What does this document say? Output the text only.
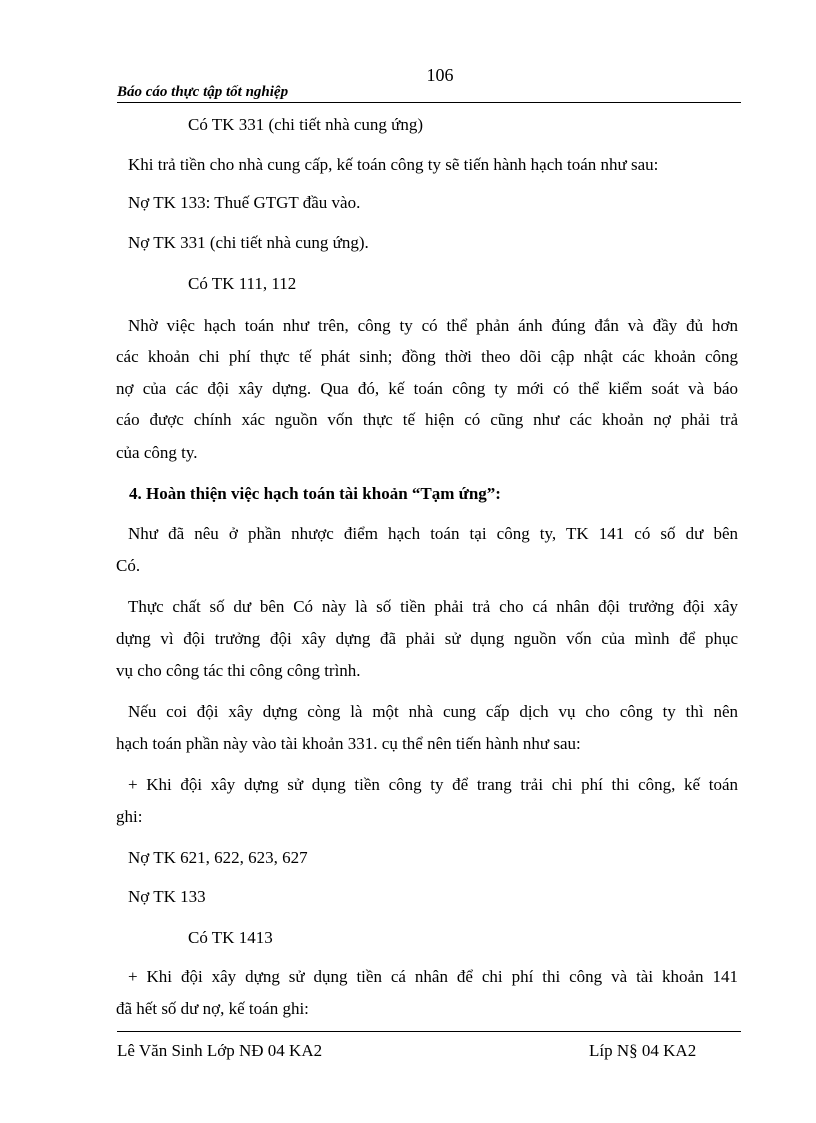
106
Báo cáo thực tập tốt nghiệp
Có TK 331 (chi tiết nhà cung ứng)
Khi trả tiền cho nhà cung cấp, kế toán công ty sẽ tiến hành hạch toán như sau:
Nợ TK 133: Thuế GTGT đầu vào.
Nợ TK 331 (chi tiết nhà cung ứng).
Có TK 111, 112
Nhờ việc hạch toán như trên, công ty có thể phản ánh đúng đắn và đầy đủ hơn
các khoản chi phí thực tế phát sinh; đồng thời theo dõi cập nhật các khoản công
nợ của các đội xây dựng. Qua đó, kế toán công ty mới có thể kiểm soát và báo
cáo được chính xác nguồn vốn thực tế hiện có cũng như các khoản nợ phải trả
của công ty.
4. Hoàn thiện việc hạch toán tài khoản “Tạm ứng”:
Như đã nêu ở phần nhược điểm hạch toán tại công ty, TK 141 có số dư bên
Có.
Thực chất số dư bên Có này là số tiền phải trả cho cá nhân đội trưởng đội xây
dựng vì đội trưởng đội xây dựng đã phải sử dụng nguồn vốn của mình để phục
vụ cho công tác thi công công trình.
Nếu coi đội xây dựng còng là một nhà cung cấp dịch vụ cho công ty thì nên
hạch toán phần này vào tài khoản 331. cụ thể nên tiến hành như sau:
+ Khi đội xây dựng sử dụng tiền công ty để trang trải chi phí thi công, kế toán
ghi:
Nợ TK 621, 622, 623, 627
Nợ TK 133
Có TK 1413
+ Khi đội xây dựng sử dụng tiền cá nhân để chi phí thi công và tài khoản 141
đã hết số dư nợ, kế toán ghi:
Lê Văn Sinh Lớp NĐ 04 KA2	Líp N§ 04 KA2
